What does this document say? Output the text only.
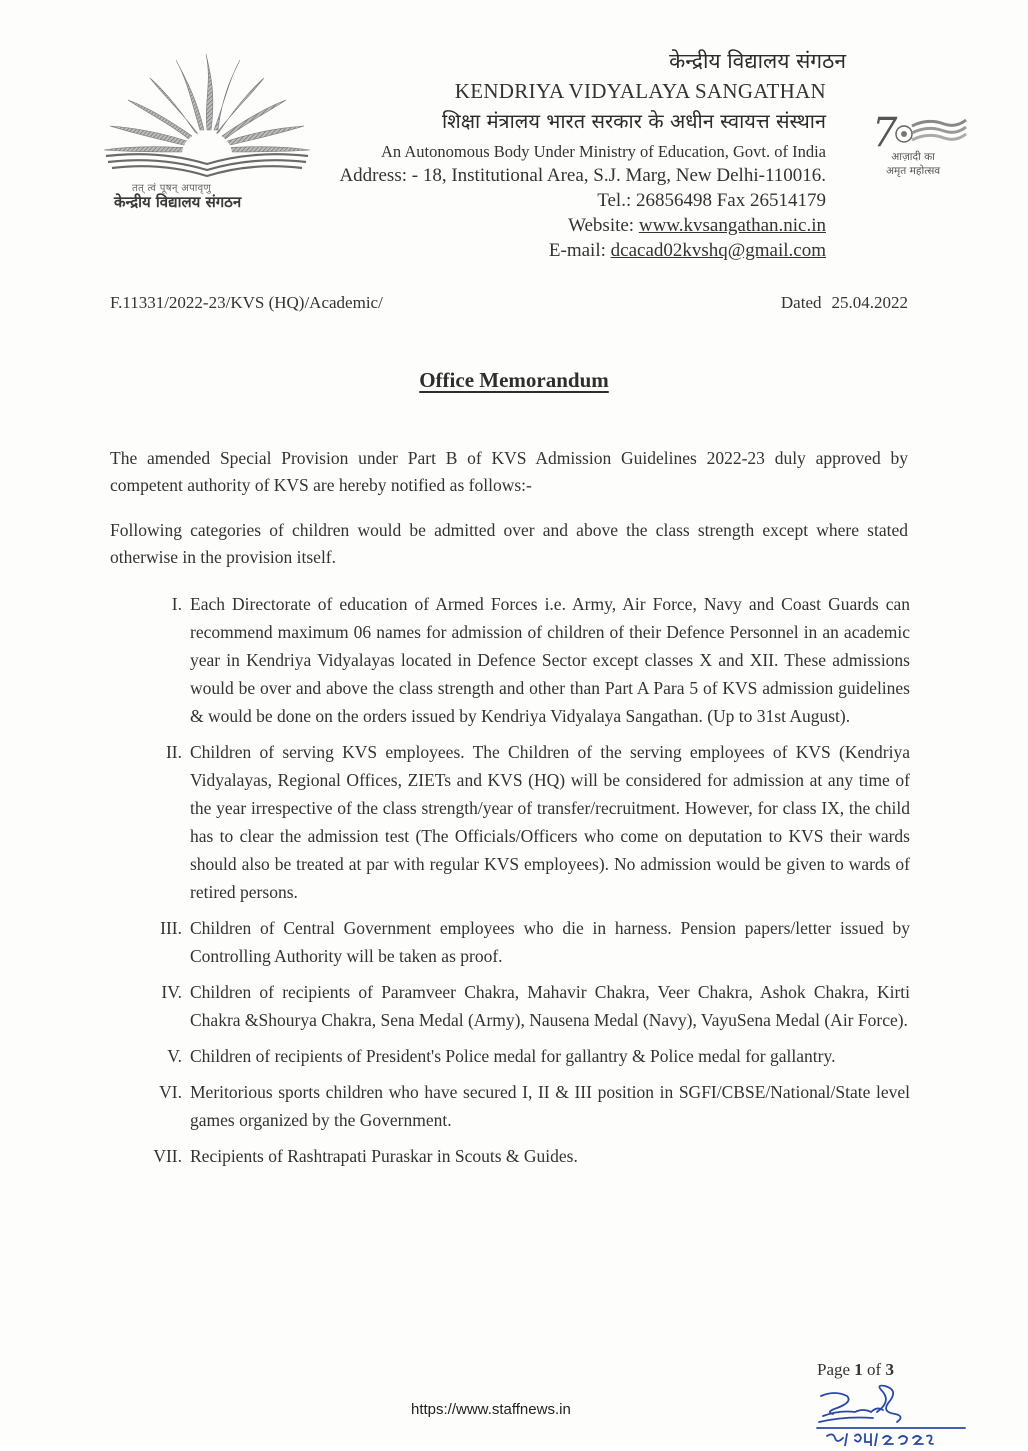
तत् त्वं पूषन् अपावृणु
केन्द्रीय विद्यालय संगठन
केन्द्रीय विद्यालय संगठन
KENDRIYA VIDYALAYA SANGATHAN
शिक्षा मंत्रालय भारत सरकार के अधीन स्वायत्त संस्थान
An Autonomous Body Under Ministry of Education, Govt. of India
Address: - 18, Institutional Area, S.J. Marg, New Delhi-110016.
Tel.: 26856498 Fax 26514179
Website: www.kvsangathan.nic.in
E-mail: dcacad02kvshq@gmail.com
7
आज़ादी का
अमृत महोत्सव
F.11331/2022-23/KVS (HQ)/Academic/	Dated 25.04.2022
Office Memorandum
The amended Special Provision under Part B of KVS Admission Guidelines 2022-23 duly approved by competent authority of KVS are hereby notified as follows:-
Following categories of children would be admitted over and above the class strength except where stated otherwise in the provision itself.
I. Each Directorate of education of Armed Forces i.e. Army, Air Force, Navy and Coast Guards can recommend maximum 06 names for admission of children of their Defence Personnel in an academic year in Kendriya Vidyalayas located in Defence Sector except classes X and XII. These admissions would be over and above the class strength and other than Part A Para 5 of KVS admission guidelines & would be done on the orders issued by Kendriya Vidyalaya Sangathan. (Up to 31st August).
II. Children of serving KVS employees. The Children of the serving employees of KVS (Kendriya Vidyalayas, Regional Offices, ZIETs and KVS (HQ) will be considered for admission at any time of the year irrespective of the class strength/year of transfer/recruitment. However, for class IX, the child has to clear the admission test (The Officials/Officers who come on deputation to KVS their wards should also be treated at par with regular KVS employees). No admission would be given to wards of retired persons.
III. Children of Central Government employees who die in harness. Pension papers/letter issued by Controlling Authority will be taken as proof.
IV. Children of recipients of Paramveer Chakra, Mahavir Chakra, Veer Chakra, Ashok Chakra, Kirti Chakra &Shourya Chakra, Sena Medal (Army), Nausena Medal (Navy), VayuSena Medal (Air Force).
V. Children of recipients of President's Police medal for gallantry & Police medal for gallantry.
VI. Meritorious sports children who have secured I, II & III position in SGFI/CBSE/National/State level games organized by the Government.
VII. Recipients of Rashtrapati Puraskar in Scouts & Guides.
Page 1 of 3
https://www.staffnews.in
